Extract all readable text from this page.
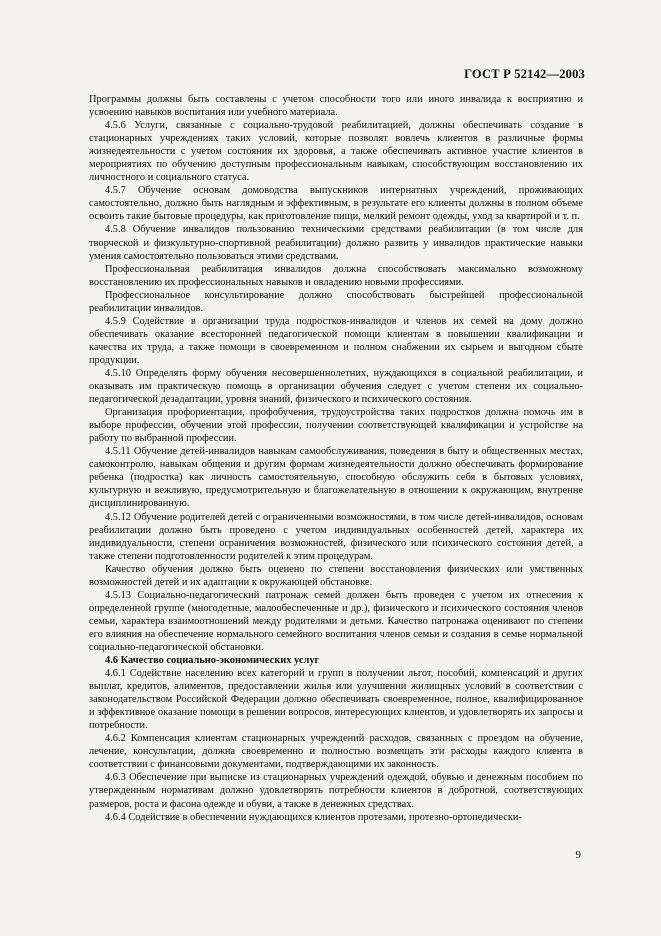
ГОСТ Р 52142—2003

Программы должны быть составлены с учетом способности того или иного инвалида к восприятию и усвоению навыков воспитания или учебного материала.

4.5.6 Услуги, связанные с социально-трудовой реабилитацией, должны обеспечивать создание в стационарных учреждениях таких условий, которые позволят вовлечь клиентов в различные формы жизнедеятельности с учетом состояния их здоровья, а также обеспечивать активное участие клиентов в мероприятиях по обучению доступным профессиональным навыкам, способствующим восстановлению их личностного и социального статуса.

4.5.7 Обучение основам домоводства выпускников интернатных учреждений, проживающих самостоятельно, должно быть наглядным и эффективным, в результате его клиенты должны в полном объеме освоить такие бытовые процедуры, как приготовление пищи, мелкий ремонт одежды, уход за квартирой и т. п.

4.5.8 Обучение инвалидов пользованию техническими средствами реабилитации (в том числе для творческой и физкультурно-спортивной реабилитации) должно развить у инвалидов практические навыки умения самостоятельно пользоваться этими средствами.

Профессиональная реабилитация инвалидов должна способствовать максимально возможному восстановлению их профессиональных навыков и овладению новыми профессиями.

Профессиональное консультирование должно способствовать быстрейшей профессиональной реабилитации инвалидов.

4.5.9 Содействие в организации труда подростков-инвалидов и членов их семей на дому должно обеспечивать оказание всесторонней педагогической помощи клиентам в повышении квалификации и качества их труда, а также помощи в своевременном и полном снабжении их сырьем и выгодном сбыте продукции.

4.5.10 Определять форму обучения несовершеннолетних, нуждающихся в социальной реабилитации, и оказывать им практическую помощь в организации обучения следует с учетом степени их социально-педагогической дезадаптации, уровня знаний, физического и психического состояния.

Организация профориентации, профобучения, трудоустройства таких подростков должна помочь им в выборе профессии, обучении этой профессии, получении соответствующей квалификации и устройстве на работу по выбранной профессии.

4.5.11 Обучение детей-инвалидов навыкам самообслуживания, поведения в быту и общественных местах, самоконтролю, навыкам общения и другим формам жизнедеятельности должно обеспечивать формирование ребенка (подростка) как личность самостоятельную, способную обслужить себя в бытовых условиях, культурную и вежливую, предусмотрительную и благожелательную в отношении к окружающим, внутренне дисциплинированную.

4.5.12 Обучение родителей детей с ограниченными возможностями, в том числе детей-инвалидов, основам реабилитации должно быть проведено с учетом индивидуальных особенностей детей, характера их индивидуальности, степени ограничения возможностей, физического или психического состояния детей, а также степени подготовленности родителей к этим процедурам.

Качество обучения должно быть оценено по степени восстановления физических или умственных возможностей детей и их адаптации к окружающей обстановке.

4.5.13 Социально-педагогический патронаж семей должен быть проведен с учетом их отнесения к определенной группе (многодетные, малообеспеченные и др.), физического и психического состояния членов семьи, характера взаимоотношений между родителями и детьми. Качество патронажа оценивают по степени его влияния на обеспечение нормального семейного воспитания членов семьи и создания в семье нормальной социально-педагогической обстановки.

4.6 Качество социально-экономических услуг

4.6.1 Содействие населению всех категорий и групп в получении льгот, пособий, компенсаций и других выплат, кредитов, алиментов, предоставлении жилья или улучшении жилищных условий в соответствии с законодательством Российской Федерации должно обеспечивать своевременное, полное, квалифицированное и эффективное оказание помощи в решении вопросов, интересующих клиентов, и удовлетворять их запросы и потребности.

4.6.2 Компенсация клиентам стационарных учреждений расходов, связанных с проездом на обучение, лечение, консультации, должна своевременно и полностью возмещать эти расходы каждого клиента в соответствии с финансовыми документами, подтверждающими их законность.

4.6.3 Обеспечение при выписке из стационарных учреждений одеждой, обувью и денежным пособием по утвержденным нормативам должно удовлетворять потребности клиентов в добротной, соответствующих размеров, роста и фасона одежде и обуви, а также в денежных средствах.

4.6.4 Содействие в обеспечении нуждающихся клиентов протезами, протезно-ортопедически-

9
